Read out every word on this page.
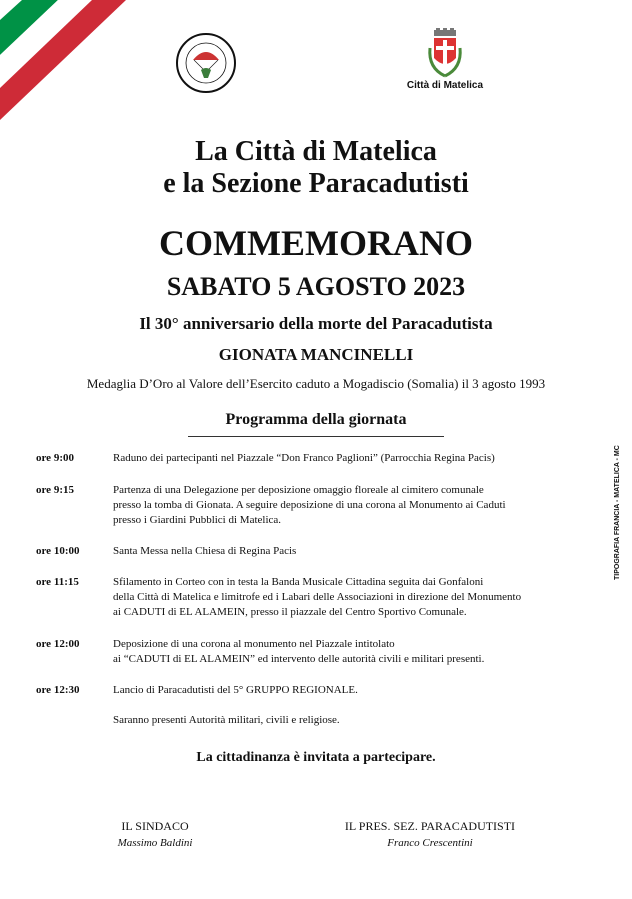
Città di Matelica
La Città di Matelica
e la Sezione Paracadutisti
COMMEMORANO
SABATO 5 AGOSTO 2023
Il 30° anniversario della morte del Paracadutista
GIONATA MANCINELLI
Medaglia D’Oro al Valore dell’Esercito caduto a Mogadiscio (Somalia) il 3 agosto 1993
Programma della giornata
ore 9:00	Raduno dei partecipanti nel Piazzale “Don Franco Paglioni” (Parrocchia Regina Pacis)
ore 9:15	Partenza di una Delegazione per deposizione omaggio floreale al cimitero comunale
presso la tomba di Gionata. A seguire deposizione di una corona al Monumento ai Caduti
presso i Giardini Pubblici di Matelica.
ore 10:00	Santa Messa nella Chiesa di Regina Pacis
ore 11:15	Sfilamento in Corteo con in testa la Banda Musicale Cittadina seguita dai Gonfaloni
della Città di Matelica e limitrofe ed i Labari delle Associazioni in direzione del Monumento
ai CADUTI di EL ALAMEIN, presso il piazzale del Centro Sportivo Comunale.
ore 12:00	Deposizione di una corona al monumento nel Piazzale intitolato
ai “CADUTI di EL ALAMEIN” ed intervento delle autorità civili e militari presenti.
ore 12:30	Lancio di Paracadutisti del 5° GRUPPO REGIONALE.
Saranno presenti Autorità militari, civili e religiose.
La cittadinanza è invitata a partecipare.
IL SINDACO
Massimo Baldini
IL PRES. SEZ. PARACADUTISTI
Franco Crescentini
TIPOGRAFIA FRANCIA - MATELICA - MC
